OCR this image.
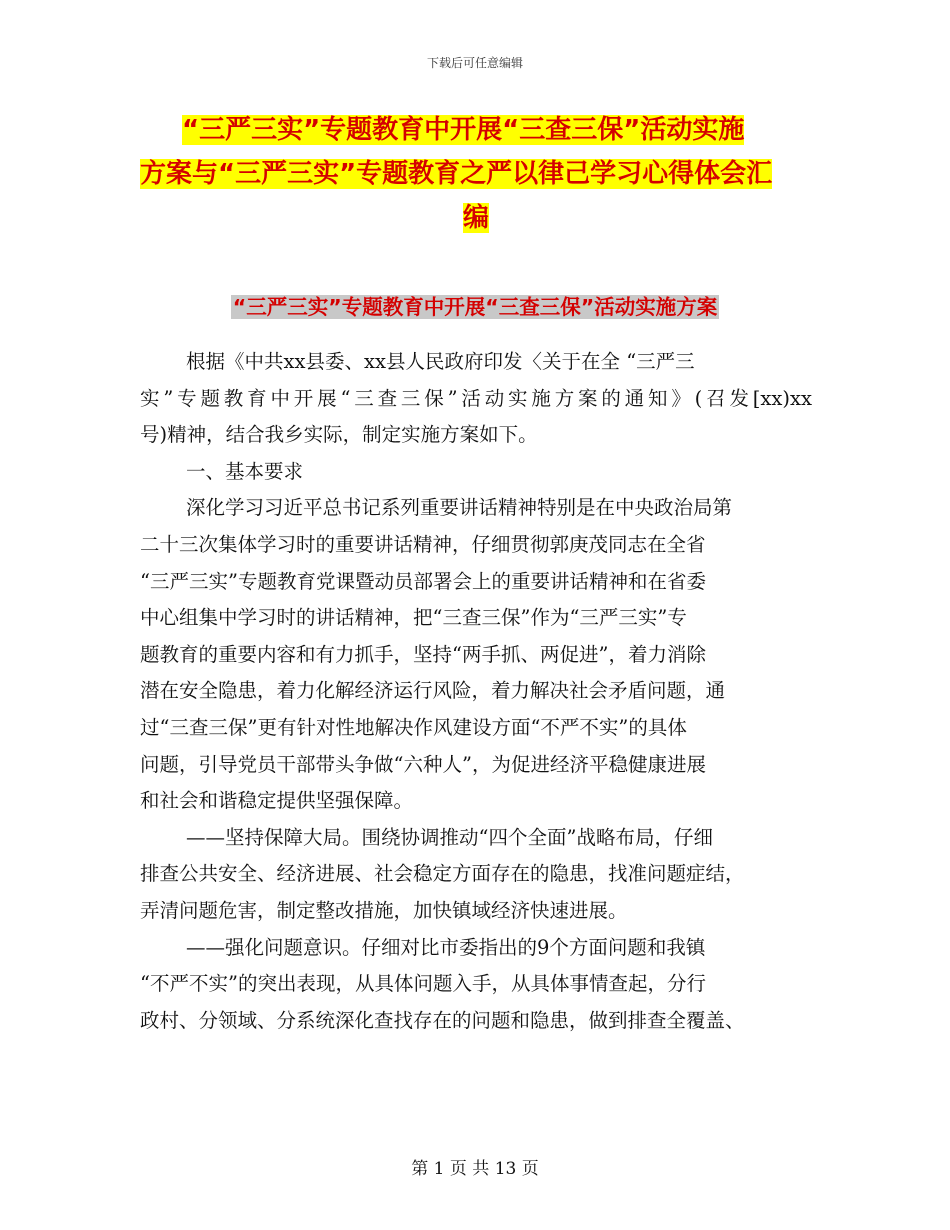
下载后可任意编辑
“三严三实”专题教育中开展“三查三保”活动实施
方案与“三严三实”专题教育之严以律己学习心得体会汇
编
“三严三实”专题教育中开展“三查三保”活动实施方案
根据《中共xx县委、xx县人民政府印发〈关于在全 “三严三
实”专题教育中开展“三查三保”活动实施方案的通知》(召发[xx)xx
号)精神，结合我乡实际，制定实施方案如下。
一、基本要求
深化学习习近平总书记系列重要讲话精神特别是在中央政治局第
二十三次集体学习时的重要讲话精神，仔细贯彻郭庚茂同志在全省
“三严三实”专题教育党课暨动员部署会上的重要讲话精神和在省委
中心组集中学习时的讲话精神，把“三查三保”作为“三严三实”专
题教育的重要内容和有力抓手，坚持“两手抓、两促进”，着力消除
潜在安全隐患，着力化解经济运行风险，着力解决社会矛盾问题，通
过“三查三保”更有针对性地解决作风建设方面“不严不实”的具体
问题，引导党员干部带头争做“六种人”，为促进经济平稳健康进展
和社会和谐稳定提供坚强保障。
——坚持保障大局。围绕协调推动“四个全面”战略布局，仔细
排查公共安全、经济进展、社会稳定方面存在的隐患，找准问题症结，
弄清问题危害，制定整改措施，加快镇域经济快速进展。
——强化问题意识。仔细对比市委指出的9个方面问题和我镇
“不严不实”的突出表现，从具体问题入手，从具体事情查起，分行
政村、分领域、分系统深化查找存在的问题和隐患，做到排查全覆盖、
第 1 页 共 13 页
